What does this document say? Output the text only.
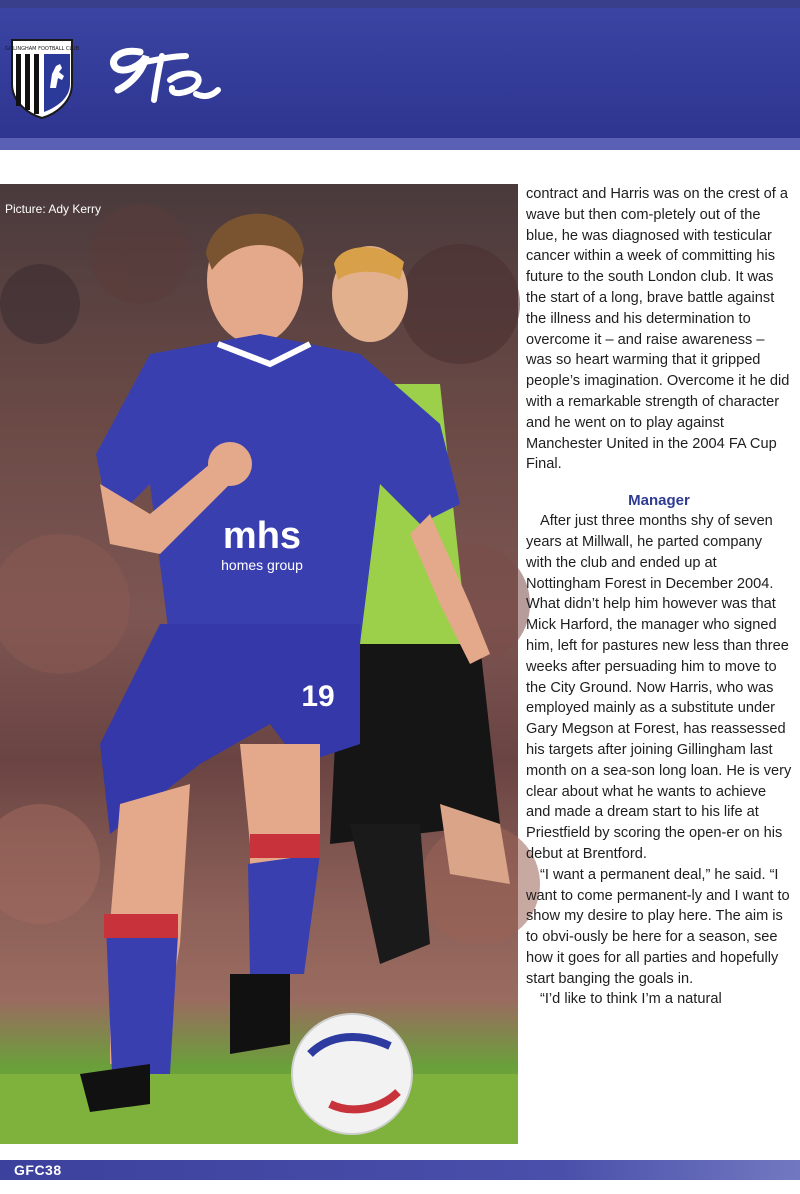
GILLINGHAM FOOTBALL CLUB
mhs
homes group
19
Picture: Ady Kerry

contract and Harris was on the crest of a wave but then com-pletely out of the blue, he was diagnosed with testicular cancer within a week of committing his future to the south London club. It was the start of a long, brave battle against the illness and his determination to overcome it – and raise awareness – was so heart warming that it gripped people’s imagination. Overcome it he did with a remarkable strength of character and he went on to play against Manchester United in the 2004 FA Cup Final.

Manager

After just three months shy of seven years at Millwall, he parted company with the club and ended up at Nottingham Forest in December 2004. What didn’t help him however was that Mick Harford, the manager who signed him, left for pastures new less than three weeks after persuading him to move to the City Ground. Now Harris, who was employed mainly as a substitute under Gary Megson at Forest, has reassessed his targets after joining Gillingham last month on a sea-son long loan. He is very clear about what he wants to achieve and made a dream start to his life at Priestfield by scoring the open-er on his debut at Brentford.

“I want a permanent deal,” he said. “I want to come permanent-ly and I want to show my desire to play here. The aim is to obvi-ously be here for a season, see how it goes for all parties and hopefully start banging the goals in.

“I’d like to think I’m a natural

GFC38
